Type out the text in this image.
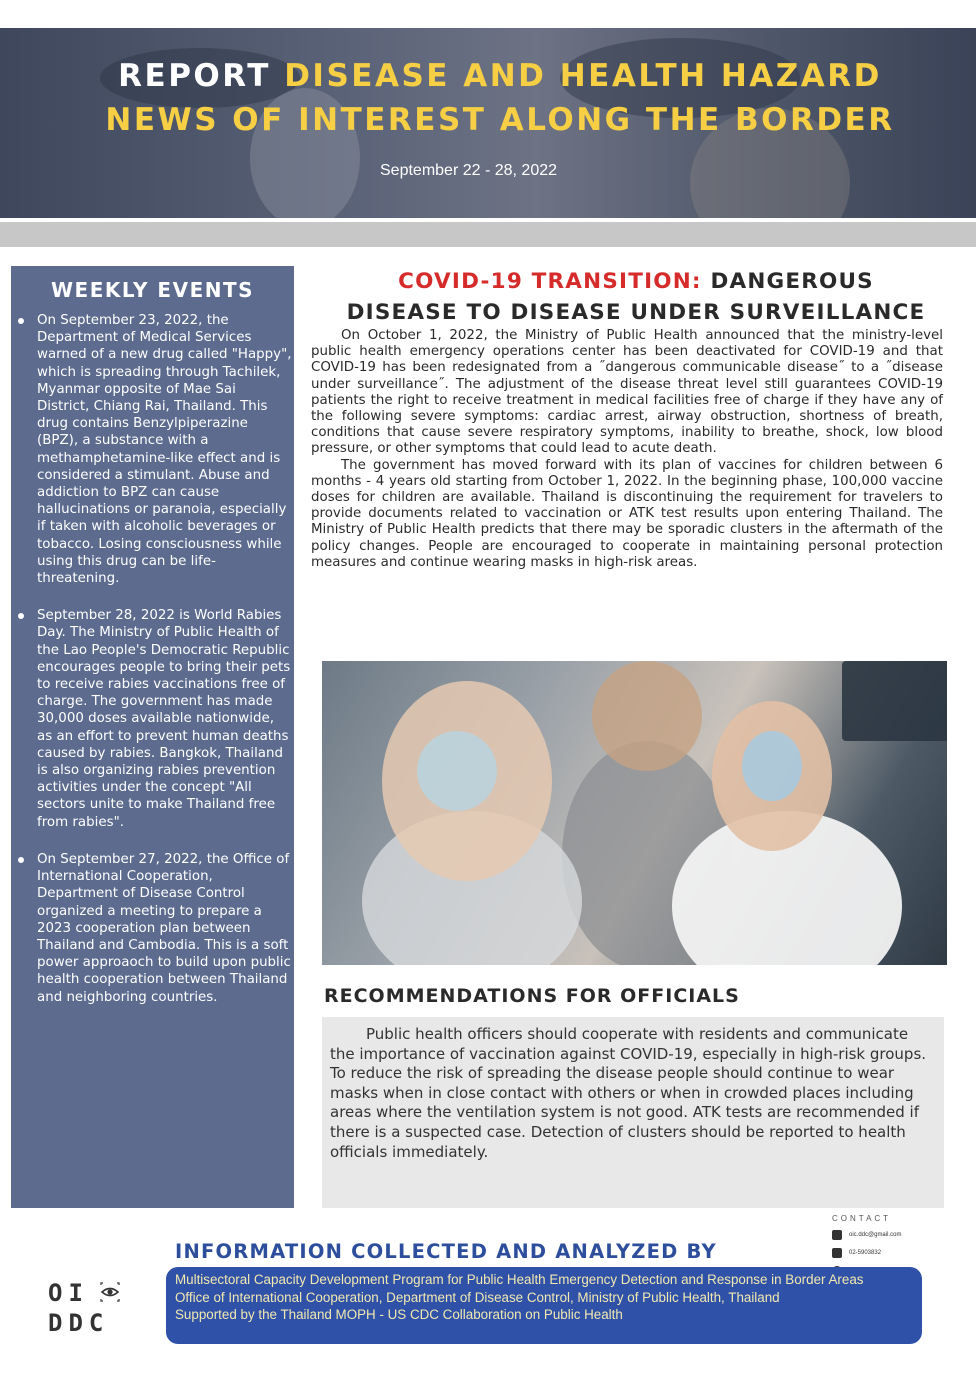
REPORT DISEASE AND HEALTH HAZARD
NEWS OF INTEREST ALONG THE BORDER
September 22 - 28, 2022
WEEKLY EVENTS
On September 23, 2022, the Department of Medical Services warned of a new drug called "Happy", which is spreading through Tachilek, Myanmar opposite of Mae Sai District, Chiang Rai, Thailand. This drug contains Benzylpiperazine (BPZ), a substance with a methamphetamine-like effect and is considered a stimulant. Abuse and addiction to BPZ can cause hallucinations or paranoia, especially if taken with alcoholic beverages or tobacco. Losing consciousness while using this drug can be life-threatening.
September 28, 2022 is World Rabies Day. The Ministry of Public Health of the Lao People's Democratic Republic encourages people to bring their pets to receive rabies vaccinations free of charge. The government has made 30,000 doses available nationwide, as an effort to prevent human deaths caused by rabies. Bangkok, Thailand is also organizing rabies prevention activities under the concept "All sectors unite to make Thailand free from rabies".
On September 27, 2022, the Office of International Cooperation, Department of Disease Control organized a meeting to prepare a 2023 cooperation plan between Thailand and Cambodia. This is a soft power approaoch to build upon public health cooperation between Thailand and neighboring countries.
COVID-19 TRANSITION: DANGEROUS
DISEASE TO DISEASE UNDER SURVEILLANCE

On October 1, 2022, the Ministry of Public Health announced that the ministry-level public health emergency operations center has been deactivated for COVID-19 and that COVID-19 has been redesignated from a ˝dangerous communicable disease˝ to a ˝disease under surveillance˝. The adjustment of the disease threat level still guarantees COVID-19 patients the right to receive treatment in medical facilities free of charge if they have any of the following severe symptoms: cardiac arrest, airway obstruction, shortness of breath, conditions that cause severe respiratory symptoms, inability to breathe, shock, low blood pressure, or other symptoms that could lead to acute death.

The government has moved forward with its plan of vaccines for children between 6 months - 4 years old starting from October 1, 2022. In the beginning phase, 100,000 vaccine doses for children are available. Thailand is discontinuing the requirement for travelers to provide documents related to vaccination or ATK test results upon entering Thailand. The Ministry of Public Health predicts that there may be sporadic clusters in the aftermath of the policy changes. People are encouraged to cooperate in maintaining personal protection measures and continue wearing masks in high-risk areas.

RECOMMENDATIONS FOR OFFICIALS

Public health officers should cooperate with residents and communicate the importance of vaccination against COVID-19, especially in high-risk groups. To reduce the risk of spreading the disease people should continue to wear masks when in close contact with others or when in crowded places including areas where the ventilation system is not good. ATK tests are recommended if there is a suspected case. Detection of clusters should be reported to health officials immediately.

CONTACT
oic.ddc@gmail.com
02-5903832
INFORMATION COLLECTED AND ANALYZED BY
OI
DDC
Multisectoral Capacity Development Program for Public Health Emergency Detection and Response in Border Areas
Office of International Cooperation, Department of Disease Control, Ministry of Public Health, Thailand
Supported by the Thailand MOPH - US CDC Collaboration on Public Health
